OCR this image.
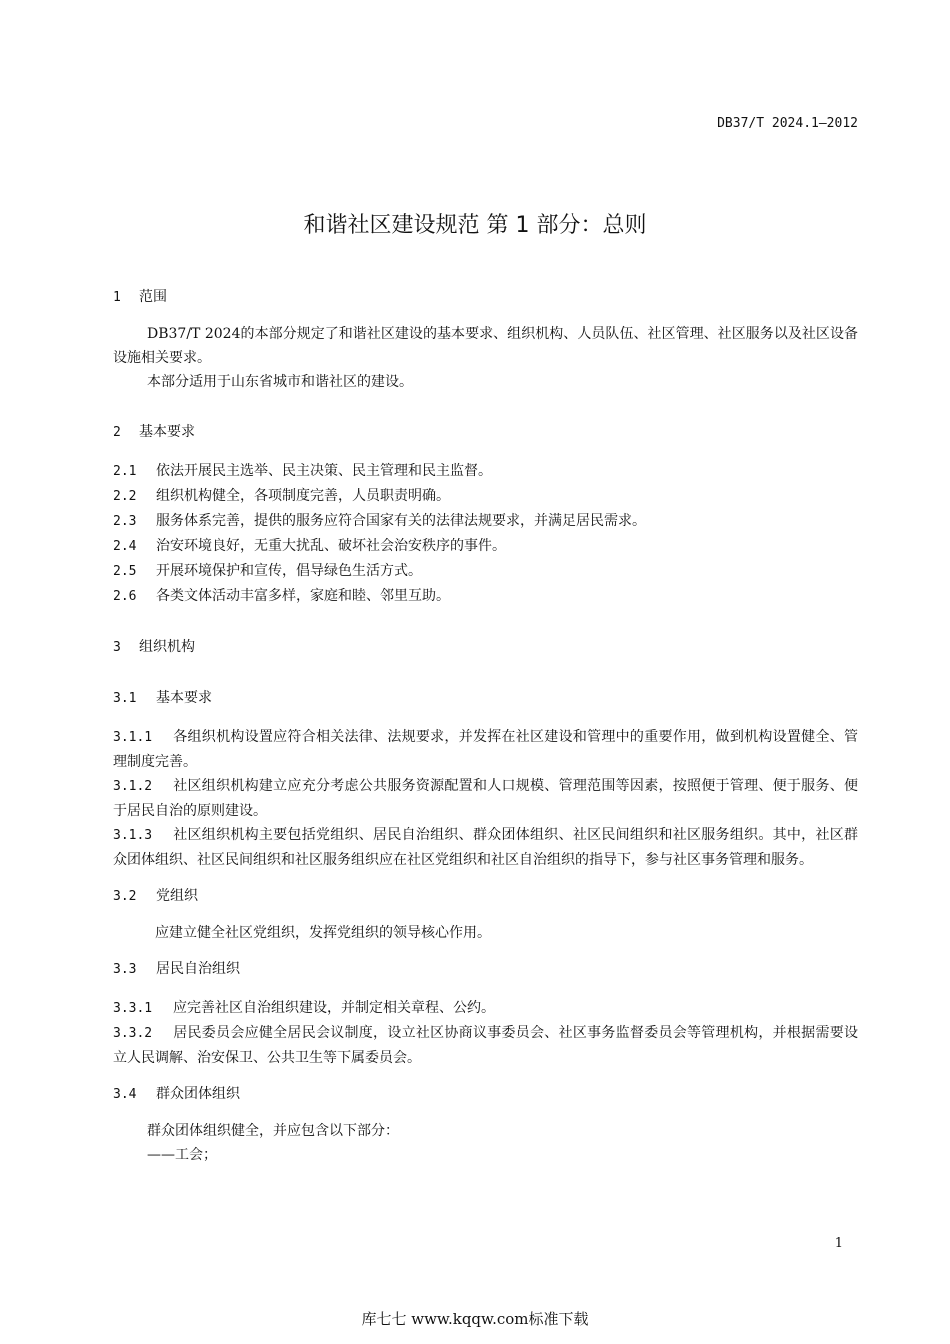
DB37/T 2024.1—2012
和谐社区建设规范 第 1 部分：总则
1 范围

DB37/T 2024的本部分规定了和谐社区建设的基本要求、组织机构、人员队伍、社区管理、社区服务以及社区设备设施相关要求。

本部分适用于山东省城市和谐社区的建设。

2 基本要求

2.1 依法开展民主选举、民主决策、民主管理和民主监督。

2.2 组织机构健全，各项制度完善，人员职责明确。

2.3 服务体系完善，提供的服务应符合国家有关的法律法规要求，并满足居民需求。

2.4 治安环境良好，无重大扰乱、破坏社会治安秩序的事件。

2.5 开展环境保护和宣传，倡导绿色生活方式。

2.6 各类文体活动丰富多样，家庭和睦、邻里互助。

3 组织机构
3.1 基本要求

3.1.1 各组织机构设置应符合相关法律、法规要求，并发挥在社区建设和管理中的重要作用，做到机构设置健全、管理制度完善。

3.1.2 社区组织机构建立应充分考虑公共服务资源配置和人口规模、管理范围等因素，按照便于管理、便于服务、便于居民自治的原则建设。

3.1.3 社区组织机构主要包括党组织、居民自治组织、群众团体组织、社区民间组织和社区服务组织。其中，社区群众团体组织、社区民间组织和社区服务组织应在社区党组织和社区自治组织的指导下，参与社区事务管理和服务。

3.2 党组织

应建立健全社区党组织，发挥党组织的领导核心作用。

3.3 居民自治组织

3.3.1 应完善社区自治组织建设，并制定相关章程、公约。

3.3.2 居民委员会应健全居民会议制度，设立社区协商议事委员会、社区事务监督委员会等管理机构，并根据需要设立人民调解、治安保卫、公共卫生等下属委员会。

3.4 群众团体组织

群众团体组织健全，并应包含以下部分：

——工会；

1
库七七 www.kqqw.com标准下载
